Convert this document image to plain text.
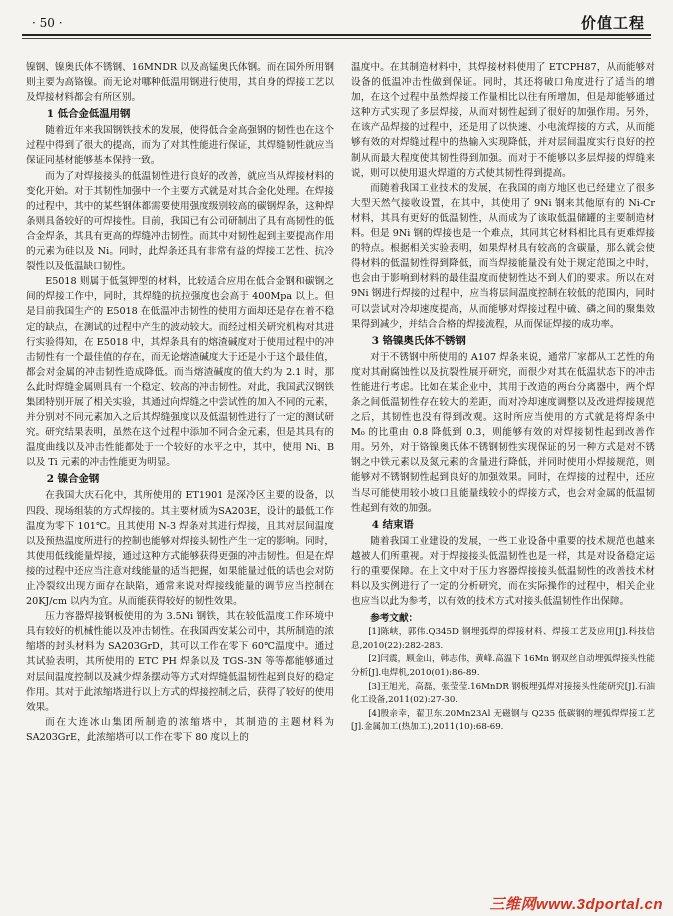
· 50 ·	价值工程

镍钢、镍奥氏体不锈钢、16MNDR 以及高锰奥氏体钢。而在国外所用钢则主要为高铬镍。而无论对哪种低温用钢进行使用，其自身的焊接工艺以及焊接材料都会有所区别。

1 低合金低温用钢

随着近年来我国钢铁技术的发展，使得低合金高强钢的韧性也在这个过程中得到了很大的提高，而为了对其性能进行保证，其焊缝韧性就应当保证同基材能够基本保持一致。

而为了对焊接接头的低温韧性进行良好的改善，就应当从焊接材料的变化开始。对于其韧性加强中一个主要方式就是对其合金化处理。在焊接的过程中，其中的某些钢体都需要使用强度级别较高的碳钢焊条，这种焊条则具备较好的可焊接性。目前，我国已有公司研制出了具有高韧性的低合金焊条，其具有更高的焊缝冲击韧性。而其中对韧性起到主要提高作用的元素为硅以及 Ni。同时，此焊条还具有非常有益的焊接工艺性、抗冷裂性以及低温缺口韧性。

E5018 则属于低氢钾型的材料，比较适合应用在低合金钢和碳钢之间的焊接工作中，同时，其焊缝的抗拉强度也会高于 400Mpa 以上。但是目前我国生产的 E5018 在低温冲击韧性的使用方面却还是存在着不稳定的缺点，在测试的过程中产生的波动较大。而经过相关研究机构对其进行实验得知，在 E5018 中，其焊条具有的熔渣碱度对于使用过程中的冲击韧性有一个最佳值的存在，而无论熔渣碱度大于还是小于这个最佳值，都会对金属的冲击韧性造成降低。而当熔渣碱度的值大约为 2.1 时，那么此时焊缝金属则具有一个稳定、较高的冲击韧性。对此，我国武汉钢铁集团特别开展了相关实验，其通过向焊缝之中尝试性的加入不同的元素，并分别对不同元素加入之后其焊缝强度以及低温韧性进行了一定的测试研究。研究结果表明，虽然在这个过程中添加不同合金元素，但是其具有的温度曲线以及冲击性能都处于一个较好的水平之中，其中，使用 Ni、B 以及 Ti 元素的冲击性能更为明显。

2 镍合金钢

在我国大庆石化中，其所使用的 ET1901 是深冷区主要的设备，以四段、现场组装的方式焊接的。其主要材质为SA203E，设计的最低工作温度为零下 101℃。且其使用 N-3 焊条对其进行焊接，且其对层间温度以及预热温度所进行的控制也能够对焊接头韧性产生一定的影响。同时，其使用低线能量焊接，通过这种方式能够获得更强的冲击韧性。但是在焊接的过程中还应当注意对线能量的适当把握，如果能量过低的话也会对防止冷裂纹出现方面存在缺陷，通常来说对焊接线能量的调节应当控制在 20KJ/cm 以内为宜。从而能获得较好的韧性效果。

压力容器焊接钢板使用的为 3.5Ni 钢铁，其在较低温度工作环境中具有较好的机械性能以及冲击韧性。在我国西安某公司中，其所制造的浓缩塔的封头材料为 SA203GrD，其可以工作在零下 60℃温度中。通过其试验表明，其所使用的 ETC PH 焊条以及 TGS-3N 等等都能够通过对层间温度控制以及减少焊条摆动等方式对焊缝低温韧性起到良好的稳定作用。其对于此浓缩塔进行以上方式的焊接控制之后，获得了较好的使用效果。

而在大连冰山集团所制造的浓缩塔中，其制造的主题材料为SA203GrE，此浓缩塔可以工作在零下 80 度以上的

温度中。在其制造材料中，其焊接材料使用了 ETCPH87，从而能够对设备的低温冲击性做到保证。同时，其还将破口角度进行了适当的增加，在这个过程中虽然焊接工作量相比以往有所增加，但是却能够通过这种方式实现了多层焊接，从而对韧性起到了很好的加强作用。另外，在该产品焊接的过程中，还是用了以快速、小电流焊接的方式，从而能够有效的对焊缝过程中的热输入实现降低，并对层间温度实行良好的控制从而最大程度使其韧性得到加强。而对于不能够以多层焊接的焊缝来说，则可以使用退火焊道的方式使其韧性得到提高。

而随着我国工业技术的发展，在我国的南方地区也已经建立了很多大型天然气接收设置，在其中，其使用了 9Ni 钢来其他原有的 Ni-Cr 材料，其具有更好的低温韧性，从而成为了该取低温储罐的主要制造材料。但是 9Ni 钢的焊接也是一个难点，其同其它材料相比具有更难焊接的特点。根据相关实验表明，如果焊材具有较高的含碳量，那么就会使得材料的低温韧性得到降低，而当焊接能量没有处于规定范围之中时，也会由于影响到材料的最佳温度而使韧性达不到人们的要求。所以在对 9Ni 钢进行焊接的过程中，应当将层间温度控制在较低的范围内，同时可以尝试对冷却速度提高，从而能够对焊接过程中硫、磷之间的聚集效果得到减少，并结合合格的焊接流程，从而保证焊接的成功率。

3 铬镍奥氏体不锈钢

对于不锈钢中所使用的 A107 焊条来说，通常厂家都从工艺性的角度对其耐腐蚀性以及抗裂性展开研究，而很少对其在低温状态下的冲击性能进行考虑。比如在某企业中，其用于改造的两台分离器中，两个焊条之间低温韧性存在较大的差距，而对冷却速度调整以及改进焊接规范之后，其韧性也没有得到改观。这时所应当使用的方式就是将焊条中 M₀ 的比重由 0.8 降低到 0.3，则能够有效的对焊接韧性起到改善作用。另外，对于铬镍奥氏体不锈钢韧性实现保证的另一种方式是对不锈钢之中铁元素以及氮元素的含量进行降低，并同时使用小焊接规范，则能够对不锈钢韧性起到良好的加强效果。同时，在焊接的过程中，还应当尽可能使用较小坡口且能量线较小的焊接方式，也会对金属的低温韧性起到有效的加强。

4 结束语

随着我国工业建设的发展，一些工业设备中重要的技术规范也越来越被人们所重视。对于焊接接头低温韧性也是一样，其是对设备稳定运行的重要保障。在上文中对于压力容器焊接接头低温韧性的改善技术材料以及实例进行了一定的分析研究，而在实际操作的过程中，相关企业也应当以此为参考，以有效的技术方式对接头低温韧性作出保障。

参考文献：

[1]陈峡，郭伟.Q345D 钢埋弧焊的焊接材料、焊接工艺及应用[J].科技信息,2010(22):282-283.

[2]闫震，顾金山，韩志伟，黄峰.高温下 16Mn 钢双丝自动埋弧焊接头性能分析[J].电焊机,2010(01):86-89.

[3]王旭光，高磊，张莹莹.16MnDR 钢板埋弧焊对接接头性能研究[J].石油化工设备,2011(02):27-30.

[4]殷亲幸，翟卫东.20Mn23Al 无磁钢与 Q235 低碳钢的埋弧焊焊接工艺[J].金属加工(热加工),2011(10):68-69.

三维网www.3dportal.cn
